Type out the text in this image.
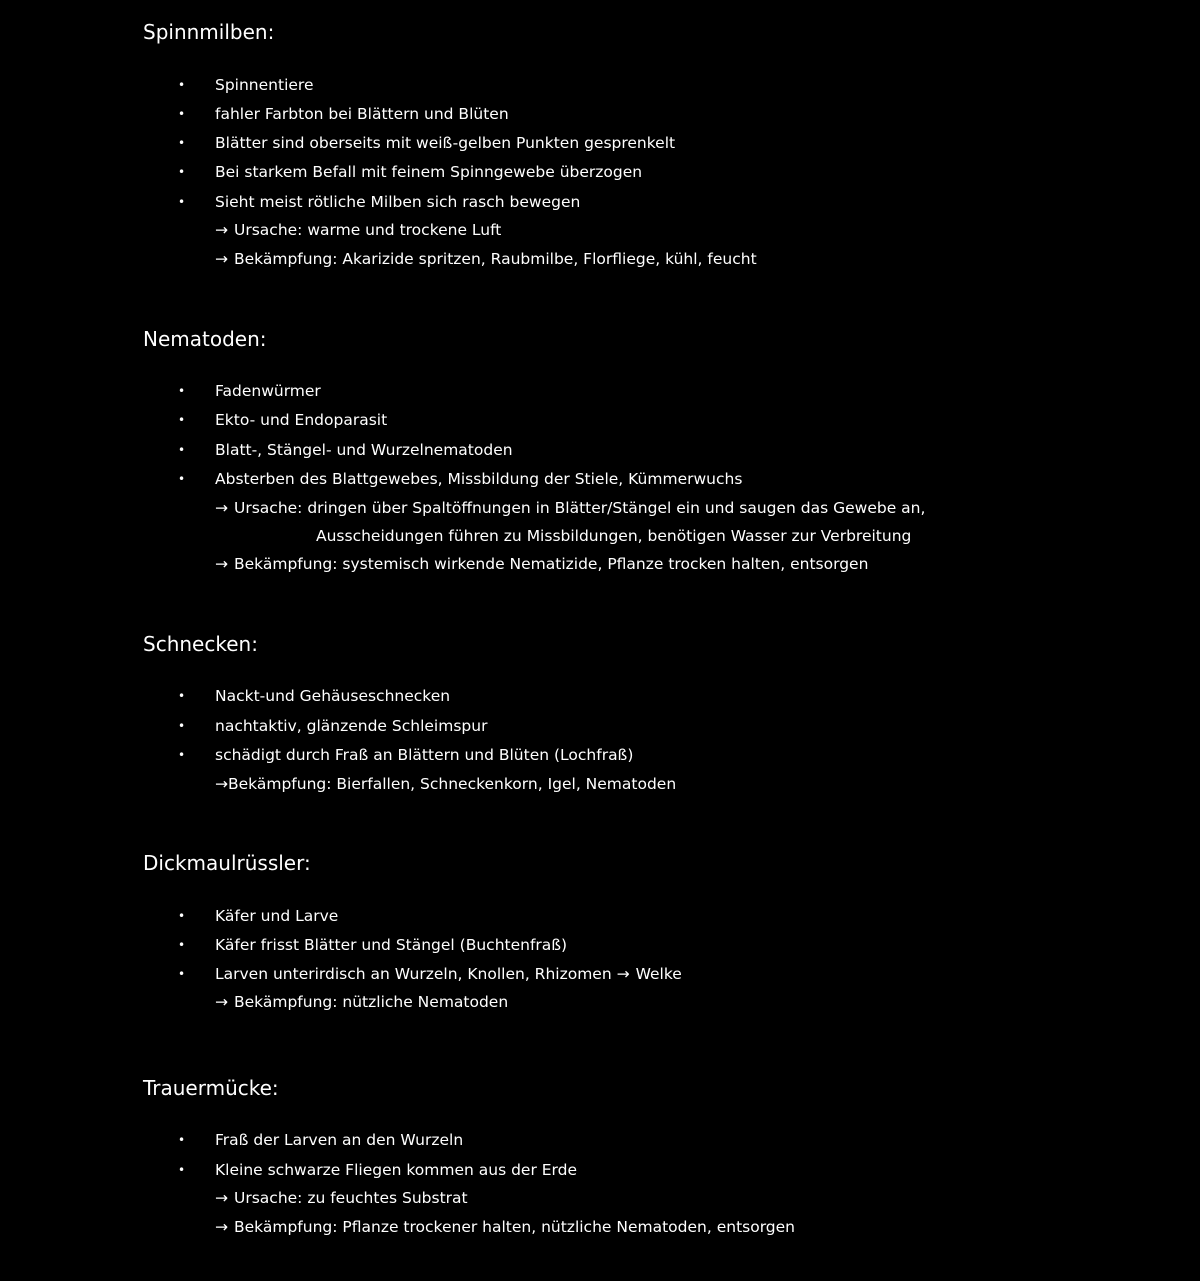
Spinnmilben:
• Spinnentiere
• fahler Farbton bei Blättern und Blüten
• Blätter sind oberseits mit weiß-gelben Punkten gesprenkelt
• Bei starkem Befall mit feinem Spinngewebe überzogen
• Sieht meist rötliche Milben sich rasch bewegen
→ Ursache: warme und trockene Luft
→ Bekämpfung: Akarizide spritzen, Raubmilbe, Florfliege, kühl, feucht
Nematoden:
• Fadenwürmer
• Ekto- und Endoparasit
• Blatt-, Stängel- und Wurzelnematoden
• Absterben des Blattgewebes, Missbildung der Stiele, Kümmerwuchs
→ Ursache: dringen über Spaltöffnungen in Blätter/Stängel ein und saugen das Gewebe an,
Ausscheidungen führen zu Missbildungen, benötigen Wasser zur Verbreitung
→ Bekämpfung: systemisch wirkende Nematizide, Pflanze trocken halten, entsorgen
Schnecken:
• Nackt-und Gehäuseschnecken
• nachtaktiv, glänzende Schleimspur
• schädigt durch Fraß an Blättern und Blüten (Lochfraß)
→Bekämpfung: Bierfallen, Schneckenkorn, Igel, Nematoden
Dickmaulrüssler:
• Käfer und Larve
• Käfer frisst Blätter und Stängel (Buchtenfraß)
• Larven unterirdisch an Wurzeln, Knollen, Rhizomen → Welke
→ Bekämpfung: nützliche Nematoden
Trauermücke:
• Fraß der Larven an den Wurzeln
• Kleine schwarze Fliegen kommen aus der Erde
→ Ursache: zu feuchtes Substrat
→ Bekämpfung: Pflanze trockener halten, nützliche Nematoden, entsorgen
